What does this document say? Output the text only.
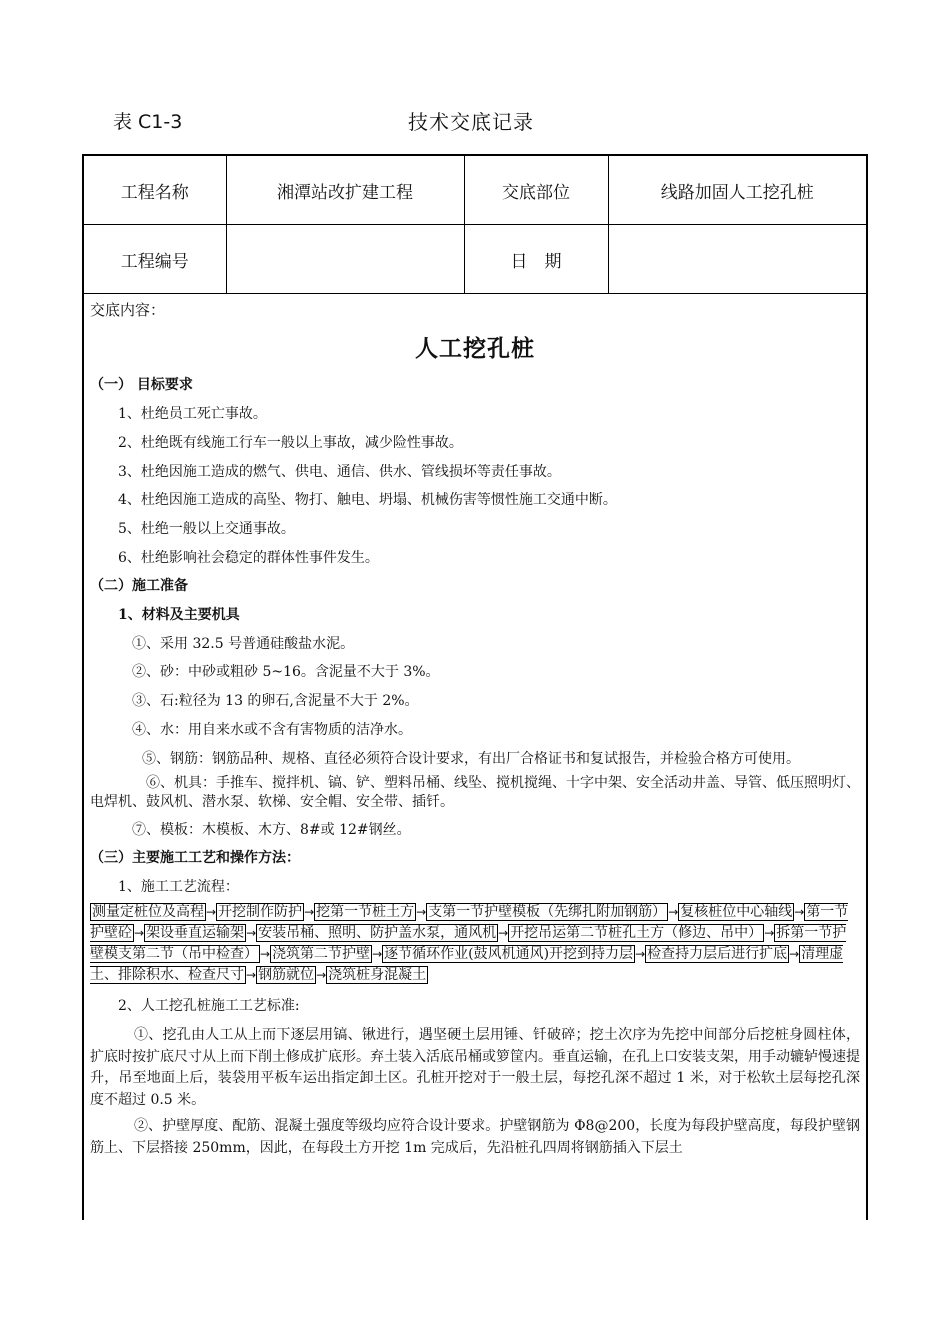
表 C1-3	技术交底记录
工程名称	湘潭站改扩建工程	交底部位	线路加固人工挖孔桩
工程编号		日　期	
交底内容：
人工挖孔桩
（一） 目标要求
1、杜绝员工死亡事故。
2、杜绝既有线施工行车一般以上事故，减少险性事故。
3、杜绝因施工造成的燃气、供电、通信、供水、管线损坏等责任事故。
4、杜绝因施工造成的高坠、物打、触电、坍塌、机械伤害等惯性施工交通中断。
5、杜绝一般以上交通事故。
6、杜绝影响社会稳定的群体性事件发生。
（二）施工准备
1、材料及主要机具
①、采用 32.5 号普通硅酸盐水泥。
②、砂：中砂或粗砂 5~16。含泥量不大于 3%。
③、石:粒径为 13 的卵石,含泥量不大于 2%。
④、水：用自来水或不含有害物质的洁净水。
⑤、钢筋：钢筋品种、规格、直径必须符合设计要求，有出厂合格证书和复试报告，并检验合格方可使用。
⑥、机具：手推车、搅拌机、镐、铲、塑料吊桶、线坠、搅机搅绳、十字中架、安全活动井盖、导管、低压照明灯、电焊机、鼓风机、潜水泵、软梯、安全帽、安全带、插钎。
⑦、模板：木模板、木方、8#或 12#钢丝。
（三）主要施工工艺和操作方法：
1、施工工艺流程：
测量定桩位及高程 → 开挖制作防护 → 挖第一节桩土方 → 支第一节护壁模板（先绑扎附加钢筋） → 复核桩位中心轴线 → 第一节护壁砼 → 架设垂直运输架 → 安装吊桶、照明、防护盖水泵，通风机 → 开挖吊运第二节桩孔土方（修边、吊中） → 拆第一节护壁模支第二节（吊中检查） → 浇筑第二节护壁 → 逐节循环作业(鼓风机通风)开挖到持力层 → 检查持力层后进行扩底 → 清理虚土、排除积水、检查尺寸 → 钢筋就位 → 浇筑桩身混凝土
2、人工挖孔桩施工工艺标准:
①、挖孔由人工从上而下逐层用镐、锹进行，遇坚硬土层用锤、钎破碎；挖土次序为先挖中间部分后挖桩身圆柱体，扩底时按扩底尺寸从上而下削土修成扩底形。弃土装入活底吊桶或箩筐内。垂直运输，在孔上口安装支架，用手动辘轳慢速提升，吊至地面上后，装袋用平板车运出指定卸土区。孔桩开挖对于一般土层，每挖孔深不超过 1 米，对于松软土层每挖孔深度不超过 0.5 米。
②、护壁厚度、配筋、混凝土强度等级均应符合设计要求。护壁钢筋为 Φ8@200，长度为每段护壁高度，每段护壁钢筋上、下层搭接 250mm，因此，在每段土方开挖 1m 完成后，先沿桩孔四周将钢筋插入下层土
